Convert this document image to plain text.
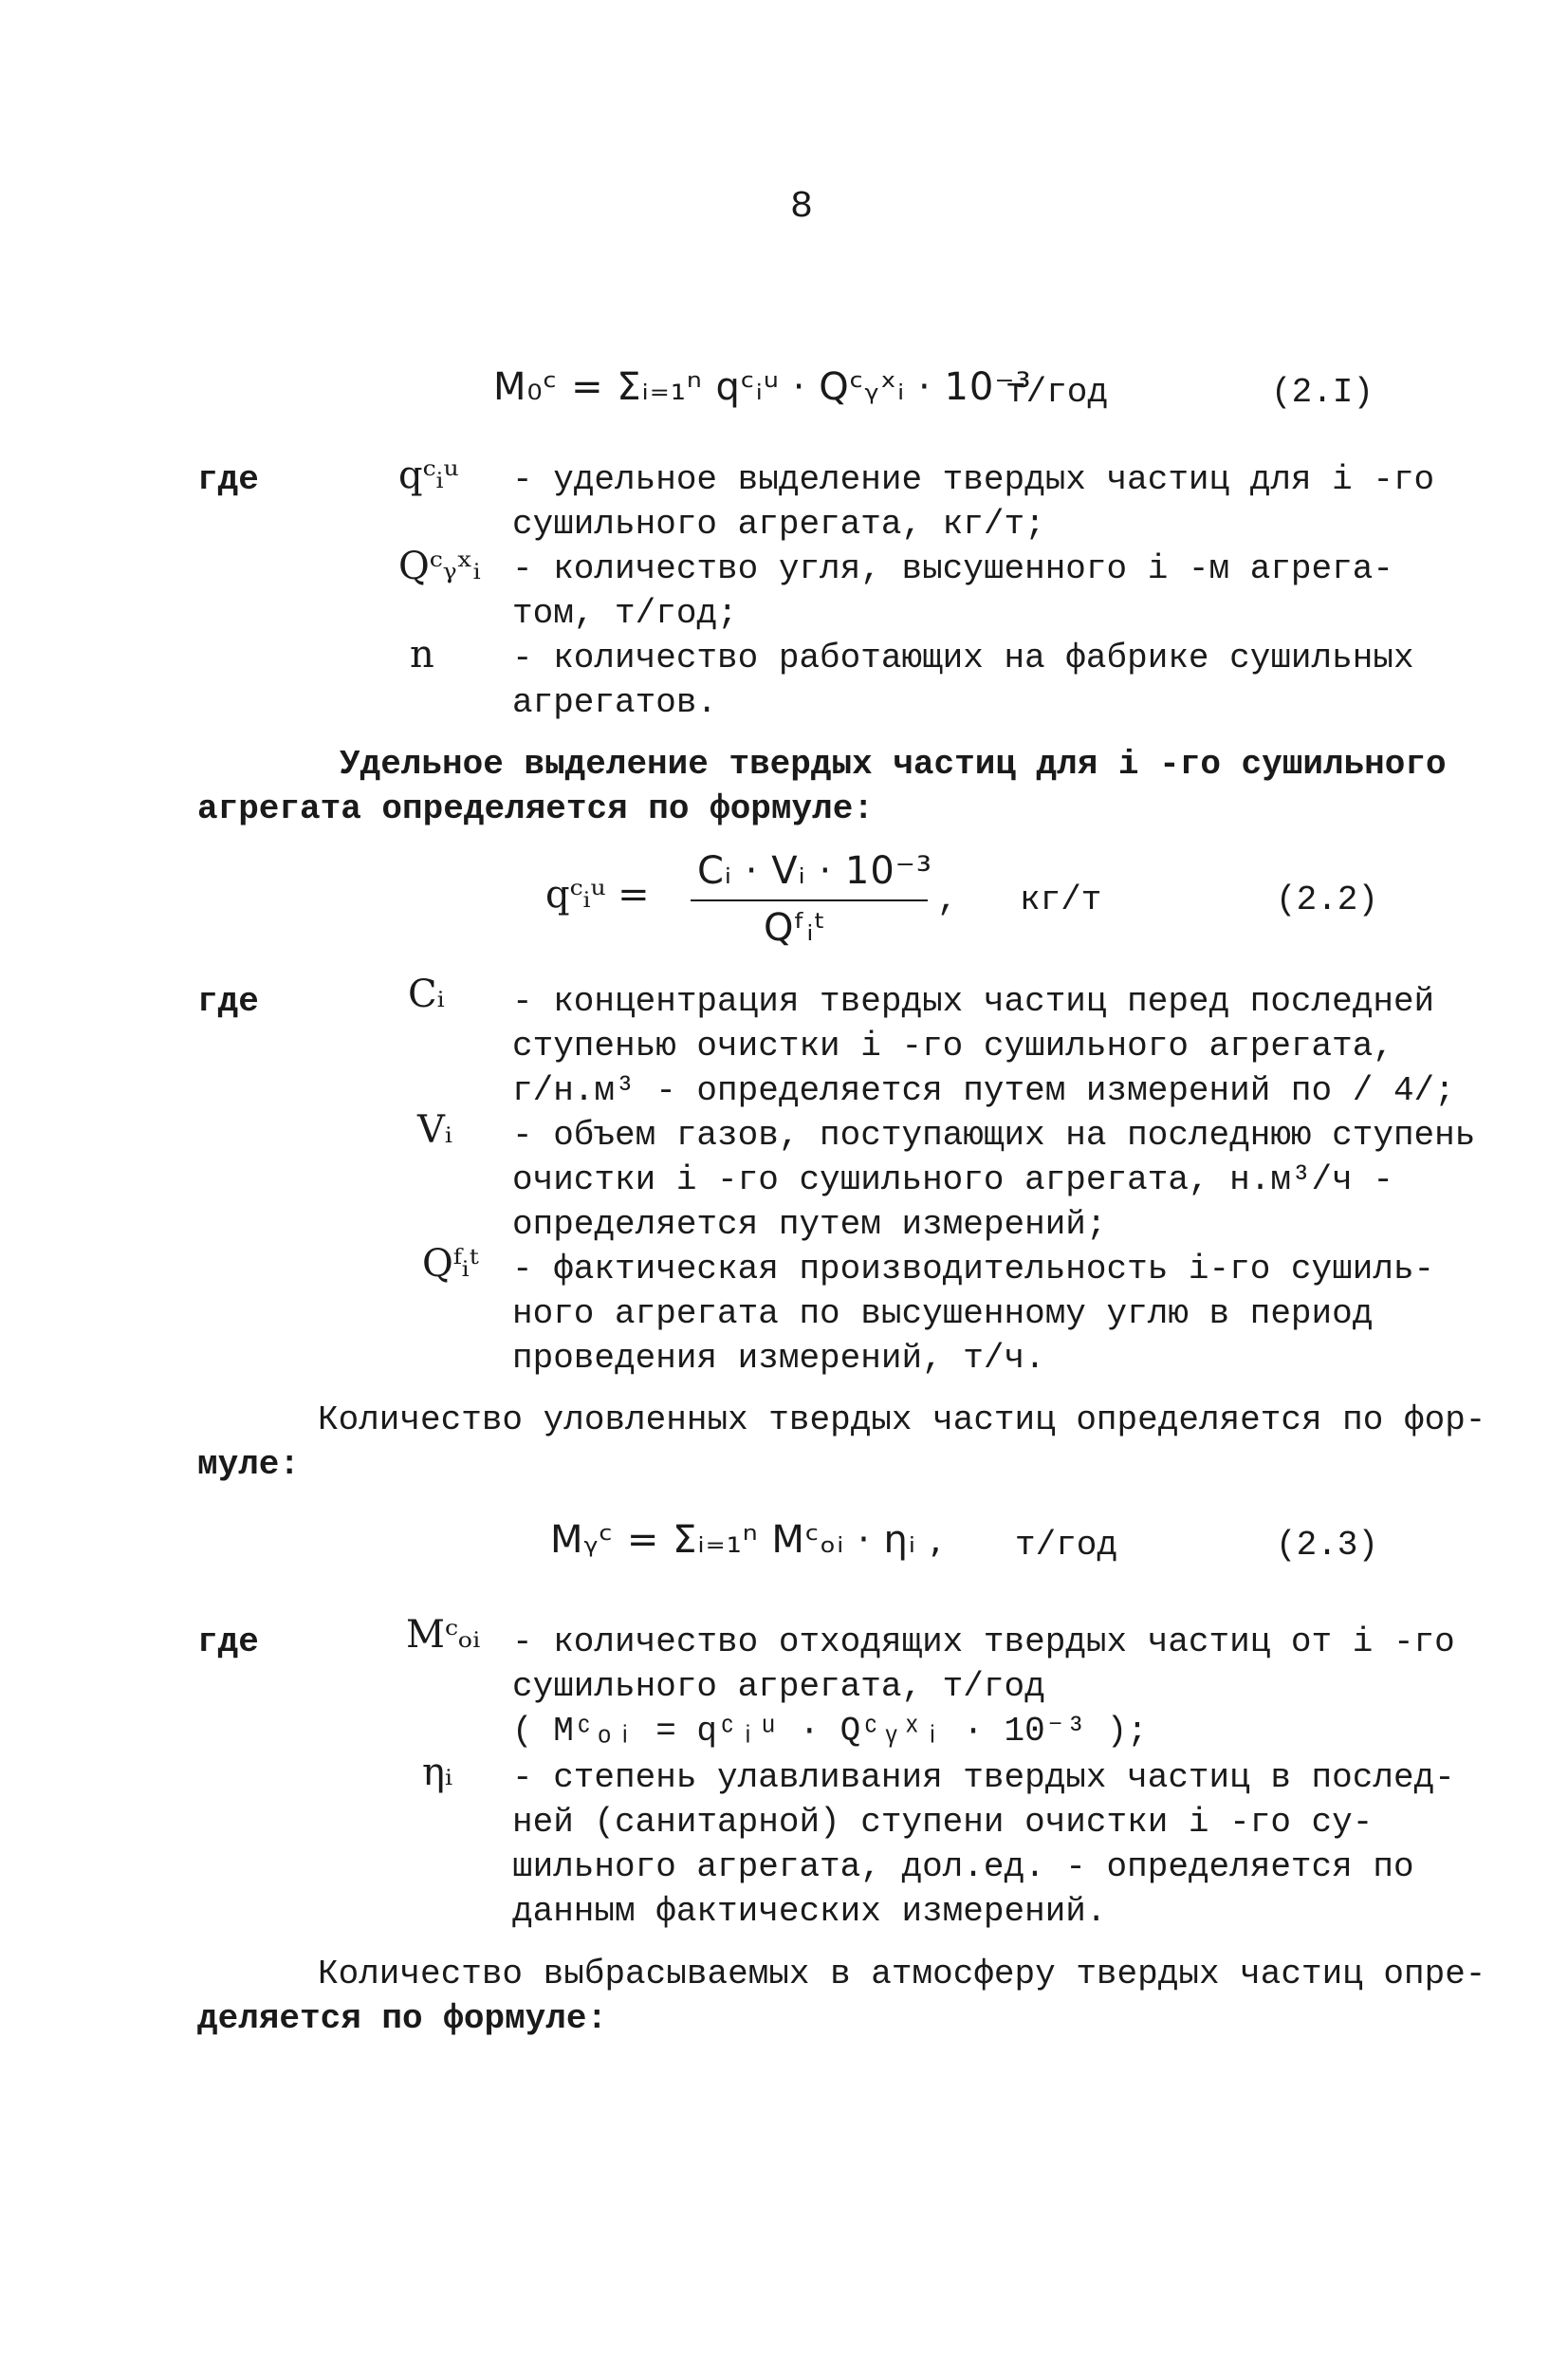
8
M₀ᶜ = Σᵢ₌₁ⁿ qᶜᵢᵘ · Qᶜᵧˣᵢ · 10⁻³
т/год	(2.I)
где	qᶜᵢᵘ - удельное выделение твердых частиц для i -го
сушильного агрегата, кг/т;
Qᶜᵧˣᵢ - количество угля, высушенного i -м агрега-
том, т/год;
n - количество работающих на фабрике сушильных
агрегатов.
Удельное выделение твердых частиц для i -го сушильного
агрегата определяется по формуле:
qᶜᵢᵘ =
Cᵢ · Vᵢ · 10⁻³
Qᶠᵢᵗ
, кг/т	(2.2)
где	Cᵢ - концентрация твердых частиц перед последней
ступенью очистки i -го сушильного агрегата,
г/н.м³ - определяется путем измерений по / 4/;
Vᵢ - объем газов, поступающих на последнюю ступень
очистки i -го сушильного агрегата, н.м³/ч -
определяется путем измерений;
Qᶠᵢᵗ - фактическая производительность i-го сушиль-
ного агрегата по высушенному углю в период
проведения измерений, т/ч.
Количество уловленных твердых частиц определяется по фор-
муле:
Mᵧᶜ = Σᵢ₌₁ⁿ Mᶜₒᵢ · ηᵢ , т/год	(2.3)
где	Mᶜₒᵢ - количество отходящих твердых частиц от i -го
сушильного агрегата, т/год
( Mᶜₒᵢ = qᶜᵢᵘ · Qᶜᵧˣᵢ · 10⁻³ );
ηᵢ - степень улавливания твердых частиц в послед-
ней (санитарной) ступени очистки i -го су-
шильного агрегата, дол.ед. - определяется по
данным фактических измерений.
Количество выбрасываемых в атмосферу твердых частиц опре-
деляется по формуле:
